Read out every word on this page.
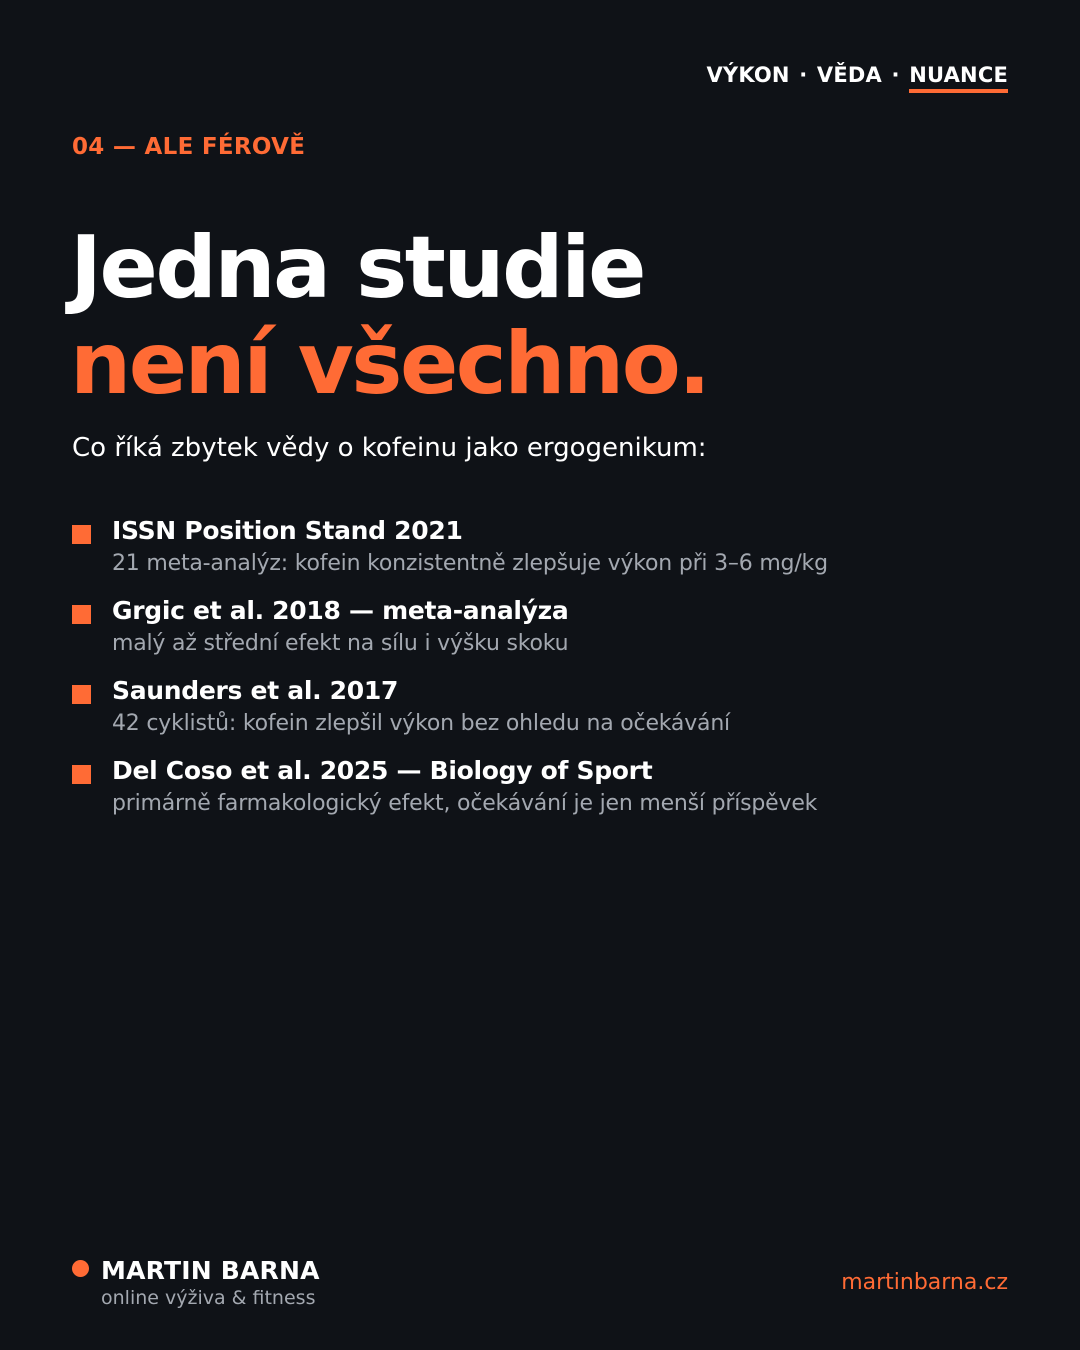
VÝKON · VĚDA · NUANCE
04 — ALE FÉROVĚ
Jedna studie
není všechno.

Co říká zbytek vědy o kofeinu jako ergogenikum:

ISSN Position Stand 2021
21 meta-analýz: kofein konzistentně zlepšuje výkon při 3–6 mg/kg
Grgic et al. 2018 — meta-analýza
malý až střední efekt na sílu i výšku skoku
Saunders et al. 2017
42 cyklistů: kofein zlepšil výkon bez ohledu na očekávání
Del Coso et al. 2025 — Biology of Sport
primárně farmakologický efekt, očekávání je jen menší příspěvek
MARTIN BARNA
online výživa & fitness
martinbarna.cz
